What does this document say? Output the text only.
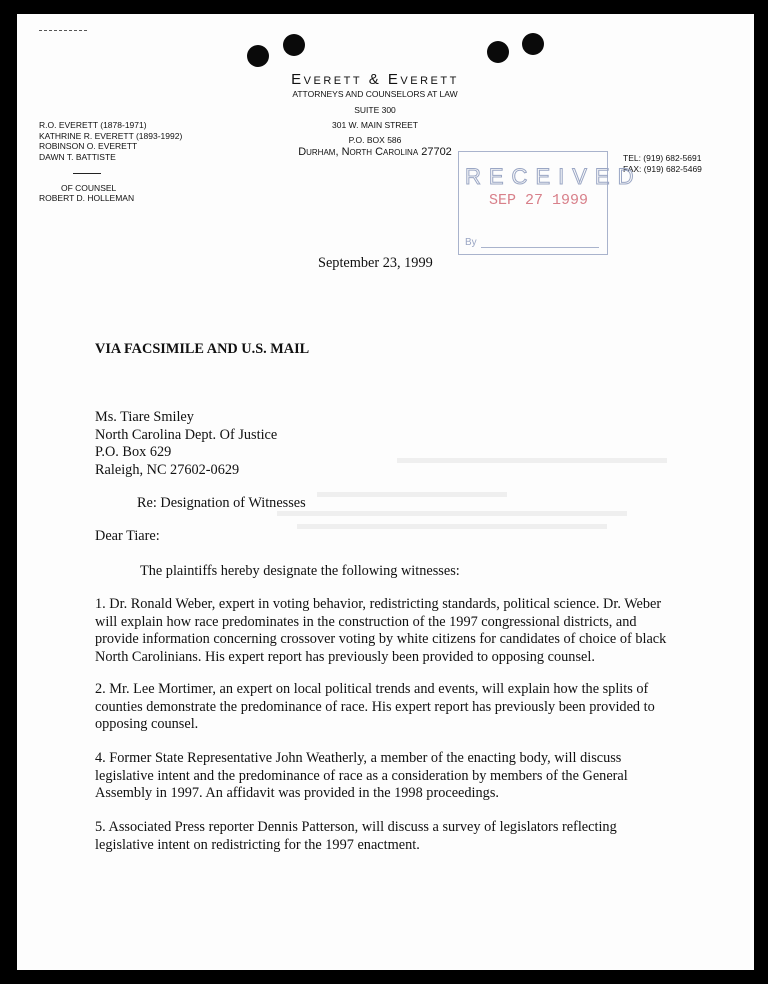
Everett & Everett
ATTORNEYS AND COUNSELORS AT LAW
SUITE 300
301 W. MAIN STREET
P.O. BOX 586
Durham, North Carolina 27702
R.O. EVERETT (1878-1971)
KATHRINE R. EVERETT (1893-1992)
ROBINSON O. EVERETT
DAWN T. BATTISTE
OF COUNSEL
ROBERT D. HOLLEMAN
TEL: (919) 682-5691
FAX: (919) 682-5469
RECEIVED
SEP 27 1999
By
September 23, 1999
VIA FACSIMILE AND U.S. MAIL
Ms. Tiare Smiley
North Carolina Dept. Of Justice
P.O. Box 629
Raleigh, NC 27602-0629
Re: Designation of Witnesses
Dear Tiare:
The plaintiffs hereby designate the following witnesses:
1. Dr. Ronald Weber, expert in voting behavior, redistricting standards, political science. Dr. Weber will explain how race predominates in the construction of the 1997 congressional districts, and provide information concerning crossover voting by white citizens for candidates of choice of black North Carolinians. His expert report has previously been provided to opposing counsel.
2. Mr. Lee Mortimer, an expert on local political trends and events, will explain how the splits of counties demonstrate the predominance of race. His expert report has previously been provided to opposing counsel.
4. Former State Representative John Weatherly, a member of the enacting body, will discuss legislative intent and the predominance of race as a consideration by members of the General Assembly in 1997. An affidavit was provided in the 1998 proceedings.
5. Associated Press reporter Dennis Patterson, will discuss a survey of legislators reflecting legislative intent on redistricting for the 1997 enactment.
